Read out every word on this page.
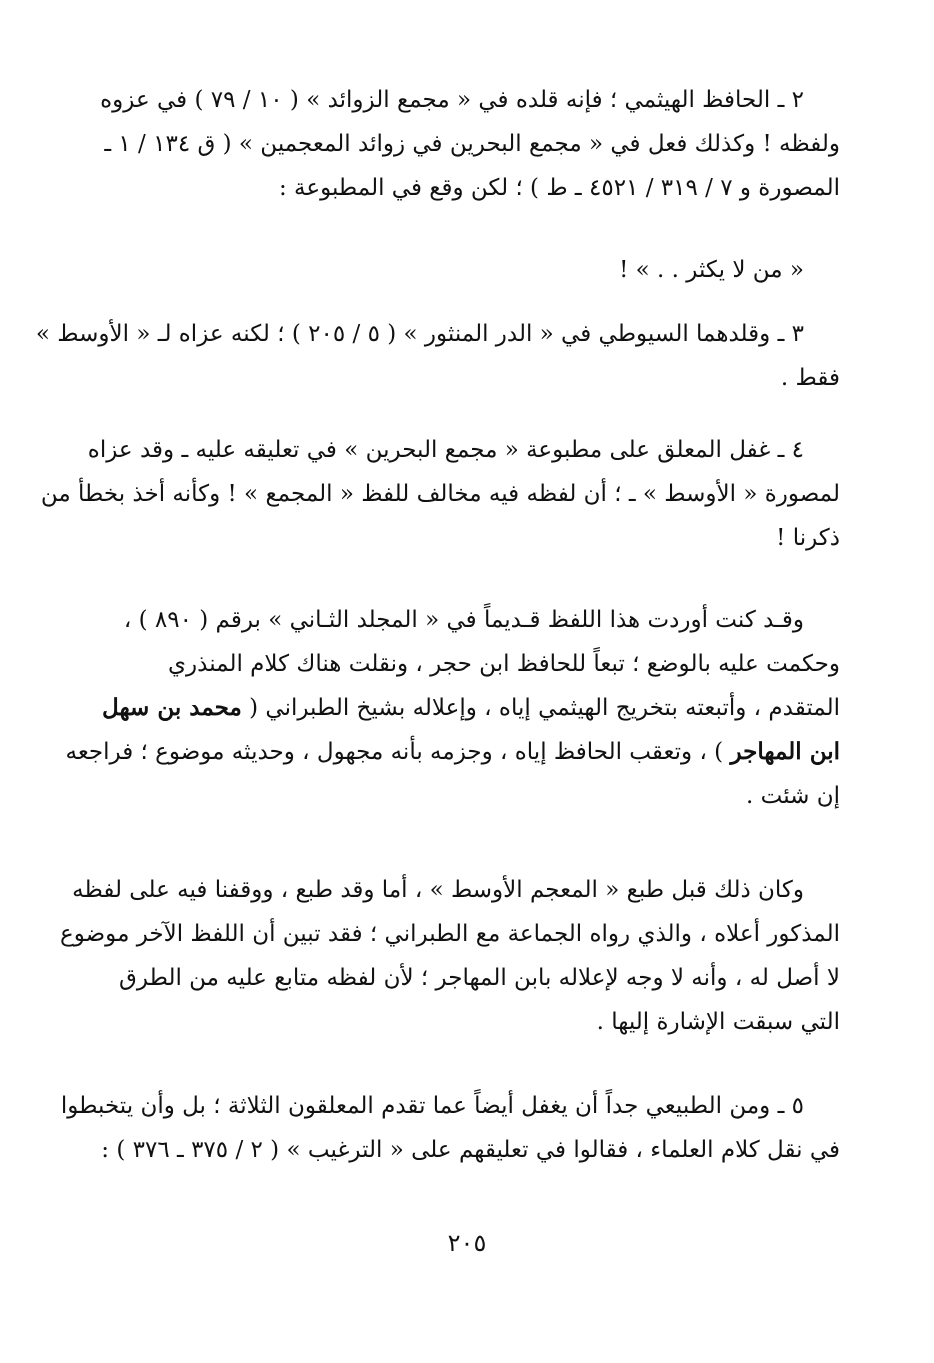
٢ ـ الحافظ الهيثمي ؛ فإنه قلده في « مجمع الزوائد » ( ١٠ / ٧٩ ) في عزوه
ولفظه ! وكذلك فعل في « مجمع البحرين في زوائد المعجمين » ( ق ١٣٤ / ١ ـ
المصورة و ٧ / ٣١٩ / ٤٥٢١ ـ ط ) ؛ لكن وقع في المطبوعة :
« من لا يكثر . . » !
٣ ـ وقلدهما السيوطي في « الدر المنثور » ( ٥ / ٢٠٥ ) ؛ لكنه عزاه لـ « الأوسط »
فقط .
٤ ـ غفل المعلق على مطبوعة « مجمع البحرين » في تعليقه عليه ـ وقد عزاه
لمصورة « الأوسط » ـ ؛ أن لفظه فيه مخالف للفظ « المجمع » ! وكأنه أخذ بخطأ من
ذكرنا !
وقـد كنت أوردت هذا اللفظ قـديماً في « المجلد الثـاني » برقم ( ٨٩٠ ) ،
وحكمت عليه بالوضع ؛ تبعاً للحافظ ابن حجر ، ونقلت هناك كلام المنذري
المتقدم ، وأتبعته بتخريج الهيثمي إياه ، وإعلاله بشيخ الطبراني ( محمد بن سهل
ابن المهاجر ) ، وتعقب الحافظ إياه ، وجزمه بأنه مجهول ، وحديثه موضوع ؛ فراجعه
إن شئت .
وكان ذلك قبل طبع « المعجم الأوسط » ، أما وقد طبع ، ووقفنا فيه على لفظه
المذكور أعلاه ، والذي رواه الجماعة مع الطبراني ؛ فقد تبين أن اللفظ الآخر موضوع
لا أصل له ، وأنه لا وجه لإعلاله بابن المهاجر ؛ لأن لفظه متابع عليه من الطرق
التي سبقت الإشارة إليها .
٥ ـ ومن الطبيعي جداً أن يغفل أيضاً عما تقدم المعلقون الثلاثة ؛ بل وأن يتخبطوا
في نقل كلام العلماء ، فقالوا في تعليقهم على « الترغيب » ( ٢ / ٣٧٥ ـ ٣٧٦ ) :
٢٠٥
